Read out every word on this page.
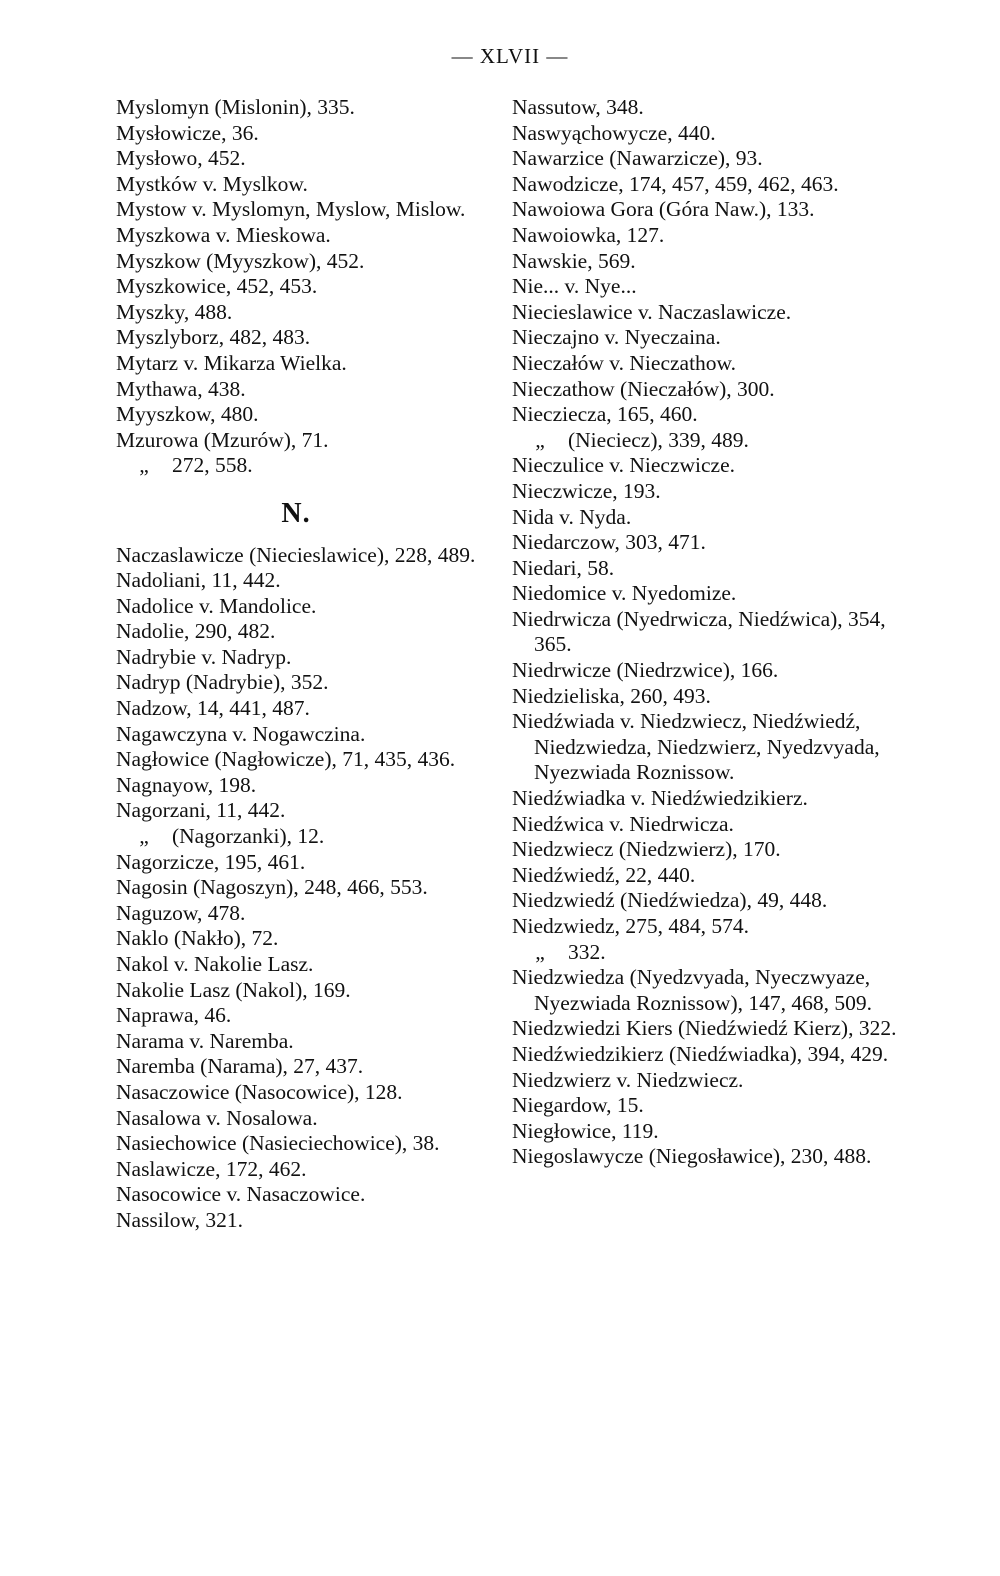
— XLVII —

Myslomyn (Mislonin), 335.

Mysłowicze, 36.

Mysłowo, 452.

Mystków v. Myslkow.

Mystow v. Myslomyn, Myslow, Mislow.

Myszkowa v. Mieskowa.

Myszkow (Myyszkow), 452.

Myszkowice, 452, 453.

Myszky, 488.

Myszlyborz, 482, 483.

Mytarz v. Mikarza Wielka.

Mythawa, 438.

Myyszkow, 480.

Mzurowa (Mzurów), 71.

„ 272, 558.

N.

Naczaslawicze (Niecieslawice), 228, 489.

Nadoliani, 11, 442.

Nadolice v. Mandolice.

Nadolie, 290, 482.

Nadrybie v. Nadryp.

Nadryp (Nadrybie), 352.

Nadzow, 14, 441, 487.

Nagawczyna v. Nogawczina.

Nagłowice (Nagłowicze), 71, 435, 436.

Nagnayow, 198.

Nagorzani, 11, 442.

„ (Nagorzanki), 12.

Nagorzicze, 195, 461.

Nagosin (Nagoszyn), 248, 466, 553.

Naguzow, 478.

Naklo (Nakło), 72.

Nakol v. Nakolie Lasz.

Nakolie Lasz (Nakol), 169.

Naprawa, 46.

Narama v. Naremba.

Naremba (Narama), 27, 437.

Nasaczowice (Nasocowice), 128.

Nasalowa v. Nosalowa.

Nasiechowice (Nasieciechowice), 38.

Naslawicze, 172, 462.

Nasocowice v. Nasaczowice.

Nassilow, 321.

Nassutow, 348.

Naswyąchowycze, 440.

Nawarzice (Nawarzicze), 93.

Nawodzicze, 174, 457, 459, 462, 463.

Nawoiowa Gora (Góra Naw.), 133.

Nawoiowka, 127.

Nawskie, 569.

Nie... v. Nye...

Niecieslawice v. Naczaslawicze.

Nieczajno v. Nyeczaina.

Nieczałów v. Nieczathow.

Nieczathow (Nieczałów), 300.

Niecziecza, 165, 460.

„ (Nieciecz), 339, 489.

Nieczulice v. Nieczwicze.

Nieczwicze, 193.

Nida v. Nyda.

Niedarczow, 303, 471.

Niedari, 58.

Niedomice v. Nyedomize.

Niedrwicza (Nyedrwicza, Niedźwica), 354, 365.

Niedrwicze (Niedrzwice), 166.

Niedzieliska, 260, 493.

Niedźwiada v. Niedzwiecz, Niedźwiedź, Niedzwiedza, Niedzwierz, Nyedzvyada, Nyezwiada Roznissow.

Niedźwiadka v. Niedźwiedzikierz.

Niedźwica v. Niedrwicza.

Niedzwiecz (Niedzwierz), 170.

Niedźwiedź, 22, 440.

Niedzwiedź (Niedźwiedza), 49, 448.

Niedzwiedz, 275, 484, 574.

„ 332.

Niedzwiedza (Nyedzvyada, Nyeczwyaze, Nyezwiada Roznissow), 147, 468, 509.

Niedzwiedzi Kiers (Niedźwiedź Kierz), 322.

Niedźwiedzikierz (Niedźwiadka), 394, 429.

Niedzwierz v. Niedzwiecz.

Niegardow, 15.

Niegłowice, 119.

Niegoslawycze (Niegosławice), 230, 488.
